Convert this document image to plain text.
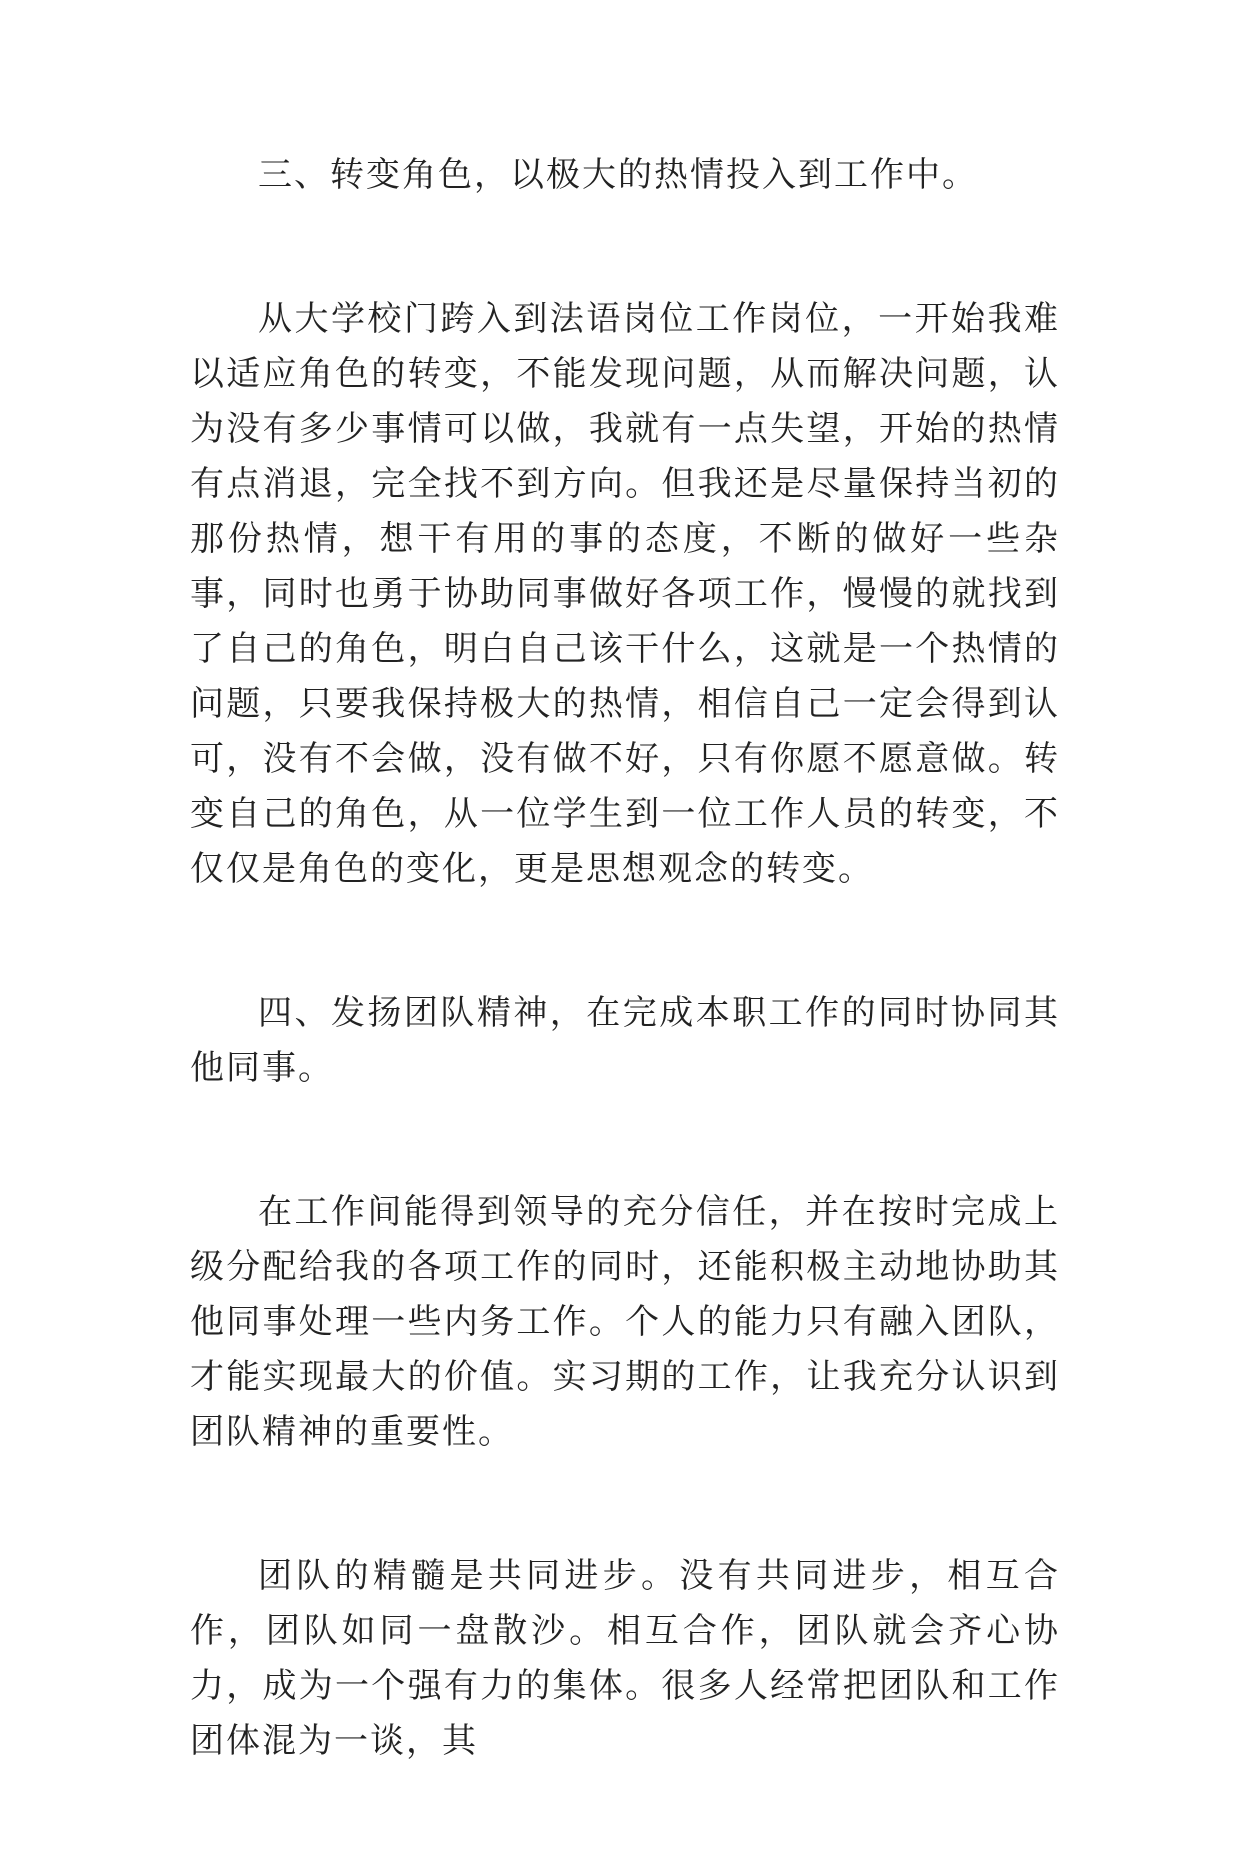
三、转变角色，以极大的热情投入到工作中。

从大学校门跨入到法语岗位工作岗位，一开始我难以适应角色的转变，不能发现问题，从而解决问题，认为没有多少事情可以做，我就有一点失望，开始的热情有点消退，完全找不到方向。但我还是尽量保持当初的那份热情，想干有用的事的态度，不断的做好一些杂事，同时也勇于协助同事做好各项工作，慢慢的就找到了自己的角色，明白自己该干什么，这就是一个热情的问题，只要我保持极大的热情，相信自己一定会得到认可，没有不会做，没有做不好，只有你愿不愿意做。转变自己的角色，从一位学生到一位工作人员的转变，不仅仅是角色的变化，更是思想观念的转变。

四、发扬团队精神，在完成本职工作的同时协同其他同事。

在工作间能得到领导的充分信任，并在按时完成上级分配给我的各项工作的同时，还能积极主动地协助其他同事处理一些内务工作。个人的能力只有融入团队，才能实现最大的价值。实习期的工作，让我充分认识到团队精神的重要性。

团队的精髓是共同进步。没有共同进步，相互合作，团队如同一盘散沙。相互合作，团队就会齐心协力，成为一个强有力的集体。很多人经常把团队和工作团体混为一谈，其
